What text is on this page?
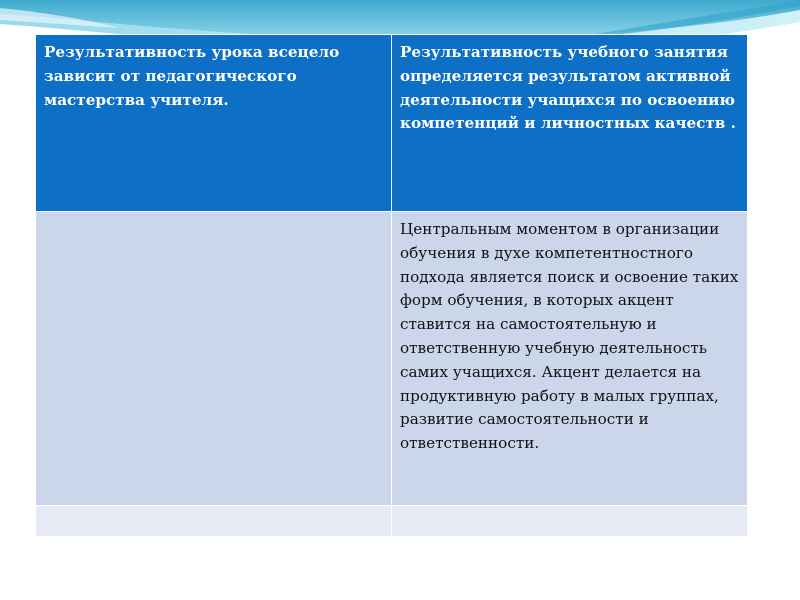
Результативность урока всецело зависит от педагогического мастерства учителя.	Результативность учебного занятия определяется результатом активной деятельности учащихся по освоению компетенций и личностных качеств .
	Центральным моментом в организации обучения в духе компетентностного подхода является поиск и освоение таких форм обучения, в которых акцент ставится на самостоятельную и ответственную учебную деятельность самих учащихся. Акцент делается на продуктивную работу в малых группах, развитие самостоятельности и ответственности.
